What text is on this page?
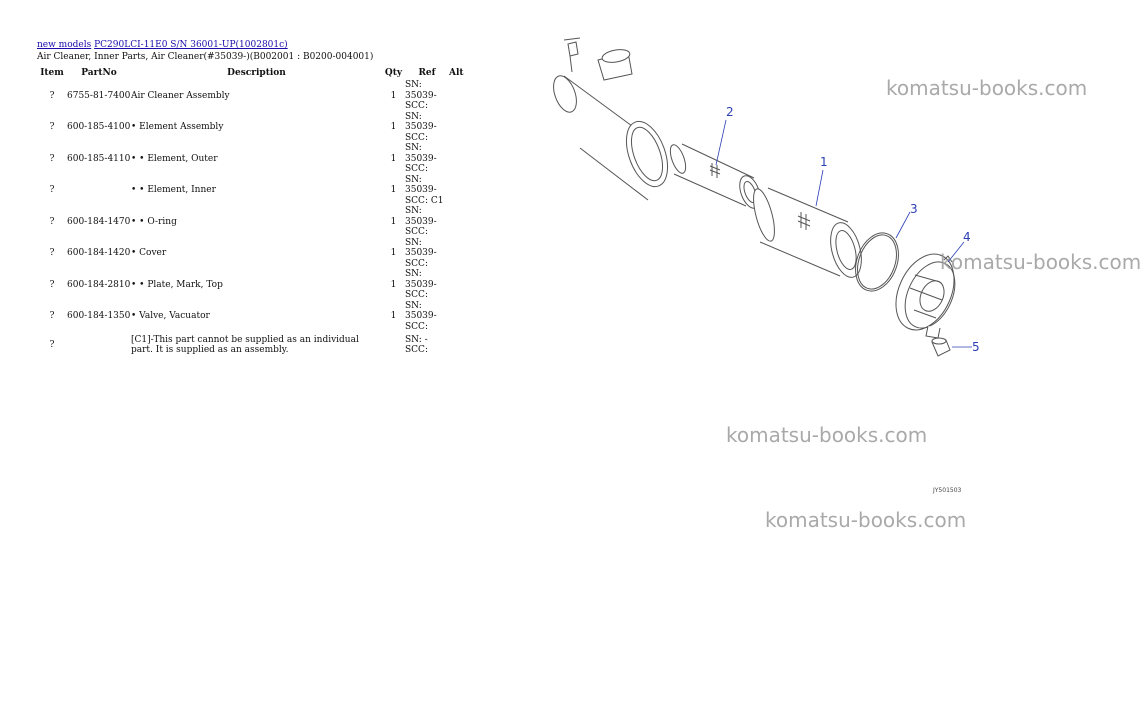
new models PC290LCI-11E0 S/N 36001-UP(1002801c)
Air Cleaner, Inner Parts, Air Cleaner(#35039-)(B002001 : B0200-004001)
Item	PartNo	Description	Qty	Ref	Alt
?	6755-81-7400	Air Cleaner Assembly	1	SN: 35039-SCC:	
?	600-185-4100	• Element Assembly	1	SN: 35039-SCC:	
?	600-185-4110	• • Element, Outer	1	SN: 35039-SCC:	
?		• • Element, Inner	1	SN: 35039-SCC: C1	
?	600-184-1470	• • O-ring	1	SN: 35039-SCC:	
?	600-184-1420	• Cover	1	SN: 35039-SCC:	
?	600-184-2810	• • Plate, Mark, Top	1	SN: 35039-SCC:	
?	600-184-1350	• Valve, Vacuator	1	SN: 35039-SCC:	
?		[C1]-This part cannot be supplied as an individual part. It is supplied as an assembly.		SN: -SCC:	
1
2
3
4
5
JY501503
komatsu-books.com
komatsu-books.com
komatsu-books.com
komatsu-books.com
